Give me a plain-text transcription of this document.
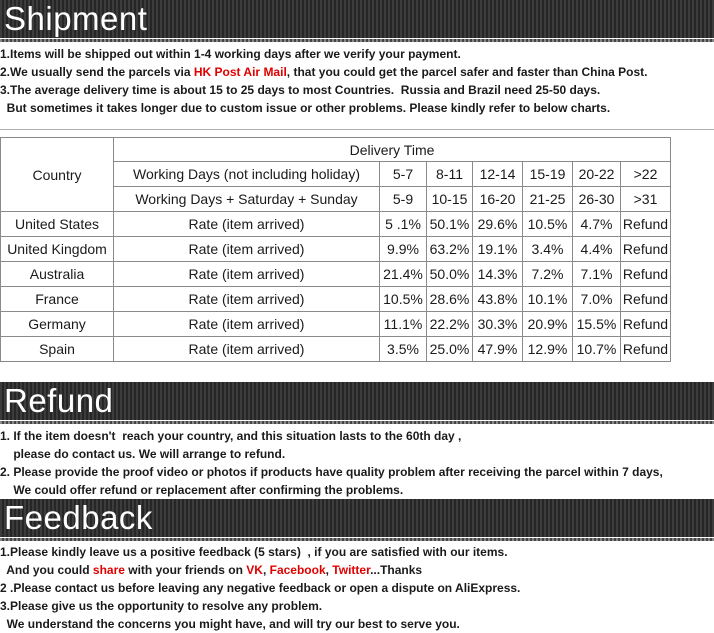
Shipment
1.Items will be shipped out within 1-4 working days after we verify your payment.
2.We usually send the parcels via HK Post Air Mail, that you could get the parcel safer and faster than China Post.
3.The average delivery time is about 15 to 25 days to most Countries.  Russia and Brazil need 25-50 days.
But sometimes it takes longer due to custom issue or other problems. Please kindly refer to below charts.
Country	Delivery Time						
	Working Days (not including holiday)	5-7	8-11	12-14	15-19	20-22	>22
	Working Days + Saturday + Sunday	5-9	10-15	16-20	21-25	26-30	>31
United States	Rate (item arrived)	5 .1%	50.1%	29.6%	10.5%	4.7%	Refund
United Kingdom	Rate (item arrived)	9.9%	63.2%	19.1%	3.4%	4.4%	Refund
Australia	Rate (item arrived)	21.4%	50.0%	14.3%	7.2%	7.1%	Refund
France	Rate (item arrived)	10.5%	28.6%	43.8%	10.1%	7.0%	Refund
Germany	Rate (item arrived)	11.1%	22.2%	30.3%	20.9%	15.5%	Refund
Spain	Rate (item arrived)	3.5%	25.0%	47.9%	12.9%	10.7%	Refund
Refund
1. If the item doesn't  reach your country, and this situation lasts to the 60th day ,
please do contact us. We will arrange to refund.
2. Please provide the proof video or photos if products have quality problem after receiving the parcel within 7 days,
We could offer refund or replacement after confirming the problems.
Feedback
1.Please kindly leave us a positive feedback (5 stars)  , if you are satisfied with our items.
And you could share with your friends on VK, Facebook, Twitter...Thanks
2 .Please contact us before leaving any negative feedback or open a dispute on AliExpress.
3.Please give us the opportunity to resolve any problem.
We understand the concerns you might have, and will try our best to serve you.
